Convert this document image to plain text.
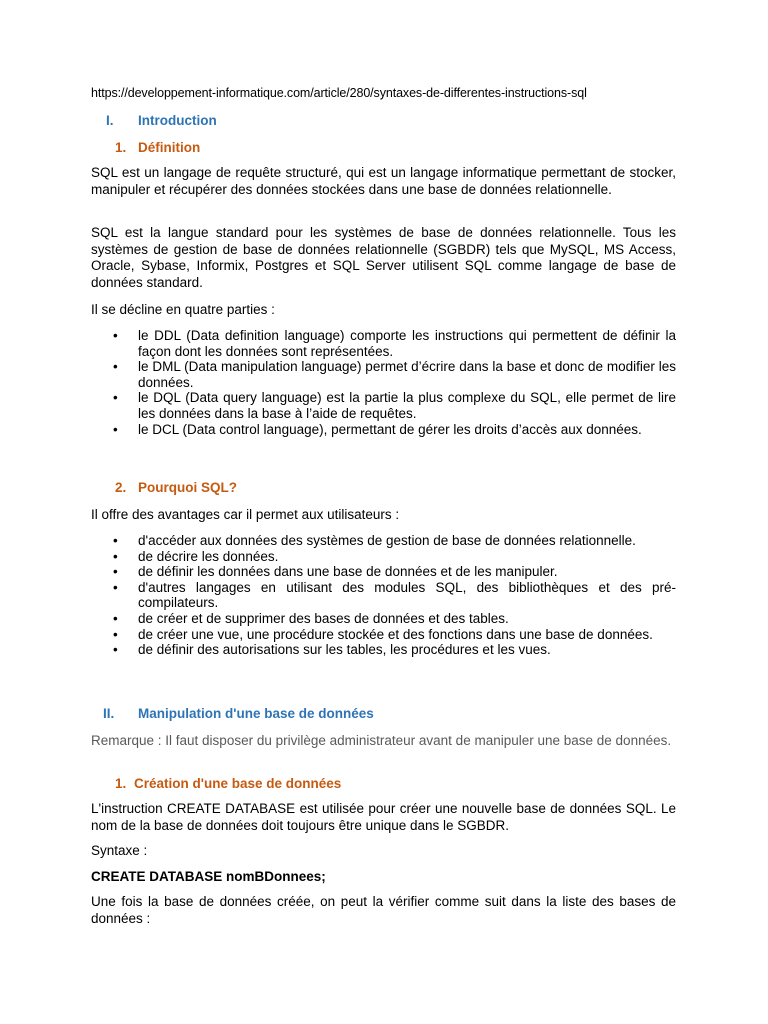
https://developpement-informatique.com/article/280/syntaxes-de-differentes-instructions-sql
I. Introduction
1. Définition
SQL est un langage de requête structuré, qui est un langage informatique permettant de stocker, manipuler et récupérer des données stockées dans une base de données relationnelle.
SQL est la langue standard pour les systèmes de base de données relationnelle. Tous les systèmes de gestion de base de données relationnelle (SGBDR) tels que MySQL, MS Access, Oracle, Sybase, Informix, Postgres et SQL Server utilisent SQL comme langage de base de données standard.
Il se décline en quatre parties :
• le DDL (Data definition language) comporte les instructions qui permettent de définir la façon dont les données sont représentées.
• le DML (Data manipulation language) permet d’écrire dans la base et donc de modifier les données.
• le DQL (Data query language) est la partie la plus complexe du SQL, elle permet de lire les données dans la base à l’aide de requêtes.
• le DCL (Data control language), permettant de gérer les droits d’accès aux données.
2. Pourquoi SQL?
Il offre des avantages car il permet aux utilisateurs :
• d'accéder aux données des systèmes de gestion de base de données relationnelle.
• de décrire les données.
• de définir les données dans une base de données et de les manipuler.
• d'autres langages en utilisant des modules SQL, des bibliothèques et des pré-compilateurs.
• de créer et de supprimer des bases de données et des tables.
• de créer une vue, une procédure stockée et des fonctions dans une base de données.
• de définir des autorisations sur les tables, les procédures et les vues.
II. Manipulation d'une base de données
Remarque : Il faut disposer du privilège administrateur avant de manipuler une base de données.
1. Création d'une base de données
L'instruction CREATE DATABASE est utilisée pour créer une nouvelle base de données SQL. Le nom de la base de données doit toujours être unique dans le SGBDR.
Syntaxe :
CREATE DATABASE nomBDonnees;
Une fois la base de données créée, on peut la vérifier comme suit dans la liste des bases de données :
